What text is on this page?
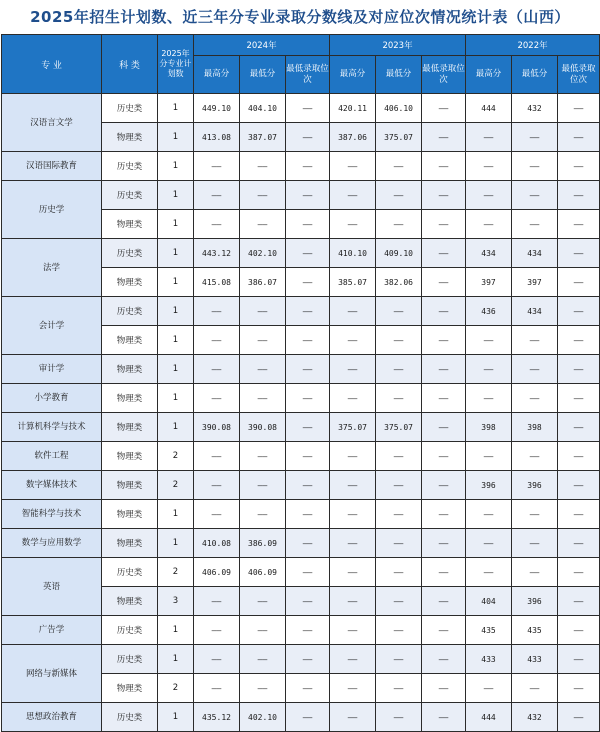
2025年招生计划数、近三年分专业录取分数线及对应位次情况统计表（山西）
专 业	科 类	2025年分专业计划数	2024年			2023年			2022年		
			最高分	最低分	最低录取位次	最高分	最低分	最低录取位次	最高分	最低分	最低录取位次
汉语言文学	历史类	1	449.10	404.10	——	420.11	406.10	——	444	432	——
	物理类	1	413.08	387.07	——	387.06	375.07	——	——	——	——
汉语国际教育	历史类	1	——	——	——	——	——	——	——	——	——
历史学	历史类	1	——	——	——	——	——	——	——	——	——
	物理类	1	——	——	——	——	——	——	——	——	——
法学	历史类	1	443.12	402.10	——	410.10	409.10	——	434	434	——
	物理类	1	415.08	386.07	——	385.07	382.06	——	397	397	——
会计学	历史类	1	——	——	——	——	——	——	436	434	——
	物理类	1	——	——	——	——	——	——	——	——	——
审计学	物理类	1	——	——	——	——	——	——	——	——	——
小学教育	物理类	1	——	——	——	——	——	——	——	——	——
计算机科学与技术	物理类	1	390.08	390.08	——	375.07	375.07	——	398	398	——
软件工程	物理类	2	——	——	——	——	——	——	——	——	——
数字媒体技术	物理类	2	——	——	——	——	——	——	396	396	——
智能科学与技术	物理类	1	——	——	——	——	——	——	——	——	——
数学与应用数学	物理类	1	410.08	386.09	——	——	——	——	——	——	——
英语	历史类	2	406.09	406.09	——	——	——	——	——	——	——
	物理类	3	——	——	——	——	——	——	404	396	——
广告学	历史类	1	——	——	——	——	——	——	435	435	——
网络与新媒体	历史类	1	——	——	——	——	——	——	433	433	——
	物理类	2	——	——	——	——	——	——	——	——	——
思想政治教育	历史类	1	435.12	402.10	——	——	——	——	444	432	——
